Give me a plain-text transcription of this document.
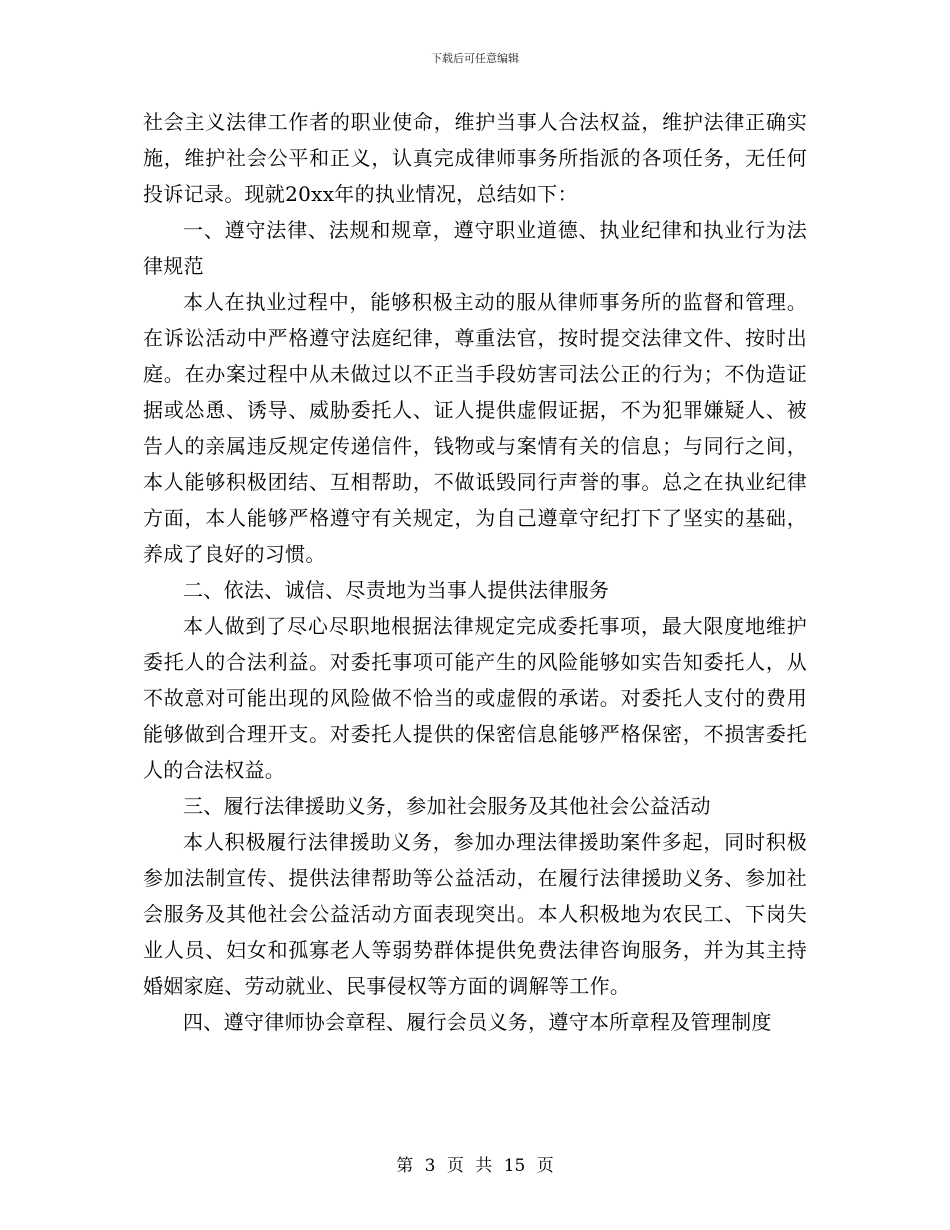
下载后可任意编辑

社会主义法律工作者的职业使命，维护当事人合法权益，维护法律正确实施，维护社会公平和正义，认真完成律师事务所指派的各项任务，无任何投诉记录。现就20xx年的执业情况，总结如下：

一、遵守法律、法规和规章，遵守职业道德、执业纪律和执业行为法律规范

本人在执业过程中，能够积极主动的服从律师事务所的监督和管理。在诉讼活动中严格遵守法庭纪律，尊重法官，按时提交法律文件、按时出庭。在办案过程中从未做过以不正当手段妨害司法公正的行为；不伪造证据或怂恿、诱导、威胁委托人、证人提供虚假证据，不为犯罪嫌疑人、被告人的亲属违反规定传递信件，钱物或与案情有关的信息；与同行之间，本人能够积极团结、互相帮助，不做诋毁同行声誉的事。总之在执业纪律方面，本人能够严格遵守有关规定，为自己遵章守纪打下了坚实的基础，养成了良好的习惯。

二、依法、诚信、尽责地为当事人提供法律服务

本人做到了尽心尽职地根据法律规定完成委托事项，最大限度地维护委托人的合法利益。对委托事项可能产生的风险能够如实告知委托人，从不故意对可能出现的风险做不恰当的或虚假的承诺。对委托人支付的费用能够做到合理开支。对委托人提供的保密信息能够严格保密，不损害委托人的合法权益。

三、履行法律援助义务，参加社会服务及其他社会公益活动

本人积极履行法律援助义务，参加办理法律援助案件多起，同时积极参加法制宣传、提供法律帮助等公益活动，在履行法律援助义务、参加社会服务及其他社会公益活动方面表现突出。本人积极地为农民工、下岗失业人员、妇女和孤寡老人等弱势群体提供免费法律咨询服务，并为其主持婚姻家庭、劳动就业、民事侵权等方面的调解等工作。

四、遵守律师协会章程、履行会员义务，遵守本所章程及管理制度

第 3 页 共 15 页
